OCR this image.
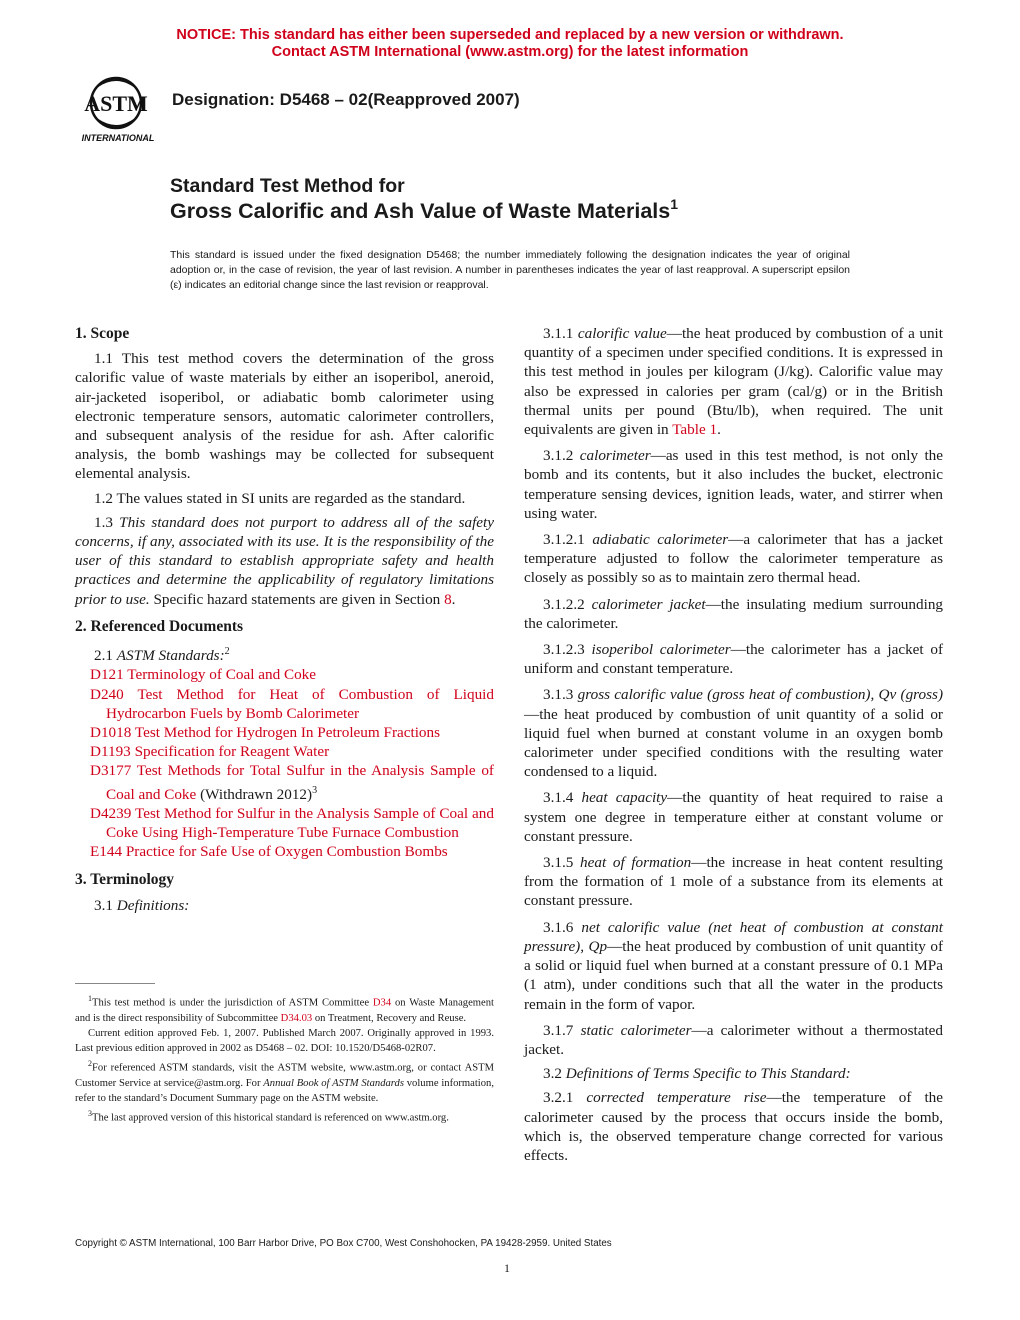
NOTICE: This standard has either been superseded and replaced by a new version or withdrawn.
Contact ASTM International (www.astm.org) for the latest information
ASTM
INTERNATIONAL
Designation: D5468 – 02(Reapproved 2007)
Standard Test Method for
Gross Calorific and Ash Value of Waste Materials$^1$
This standard is issued under the fixed designation D5468; the number immediately following the designation indicates the year of original adoption or, in the case of revision, the year of last revision. A number in parentheses indicates the year of last reapproval. A superscript epsilon (ε) indicates an editorial change since the last revision or reapproval.
1. Scope

1.1 This test method covers the determination of the gross calorific value of waste materials by either an isoperibol, aneroid, air-jacketed isoperibol, or adiabatic bomb calorimeter using electronic temperature sensors, automatic calorimeter controllers, and subsequent analysis of the residue for ash. After calorific analysis, the bomb washings may be collected for subsequent elemental analysis.

1.2 The values stated in SI units are regarded as the standard.

1.3 This standard does not purport to address all of the safety concerns, if any, associated with its use. It is the responsibility of the user of this standard to establish appropriate safety and health practices and determine the applicability of regulatory limitations prior to use. Specific hazard statements are given in Section 8.

2. Referenced Documents

2.1 ASTM Standards:$^2$

D121 Terminology of Coal and Coke
D240 Test Method for Heat of Combustion of Liquid Hydrocarbon Fuels by Bomb Calorimeter
D1018 Test Method for Hydrogen In Petroleum Fractions
D1193 Specification for Reagent Water
D3177 Test Methods for Total Sulfur in the Analysis Sample of Coal and Coke (Withdrawn 2012)$^3$
D4239 Test Method for Sulfur in the Analysis Sample of Coal and Coke Using High-Temperature Tube Furnace Combustion
E144 Practice for Safe Use of Oxygen Combustion Bombs
3. Terminology

3.1 Definitions:

$^1$This test method is under the jurisdiction of ASTM Committee D34 on Waste Management and is the direct responsibility of Subcommittee D34.03 on Treatment, Recovery and Reuse.

Current edition approved Feb. 1, 2007. Published March 2007. Originally approved in 1993. Last previous edition approved in 2002 as D5468 – 02. DOI: 10.1520/D5468-02R07.

$^2$For referenced ASTM standards, visit the ASTM website, www.astm.org, or contact ASTM Customer Service at service@astm.org. For Annual Book of ASTM Standards volume information, refer to the standard’s Document Summary page on the ASTM website.

$^3$The last approved version of this historical standard is referenced on www.astm.org.

3.1.1 calorific value—the heat produced by combustion of a unit quantity of a specimen under specified conditions. It is expressed in this test method in joules per kilogram (J/kg). Calorific value may also be expressed in calories per gram (cal/g) or in the British thermal units per pound (Btu/lb), when required. The unit equivalents are given in Table 1.

3.1.2 calorimeter—as used in this test method, is not only the bomb and its contents, but it also includes the bucket, electronic temperature sensing devices, ignition leads, water, and stirrer when using water.

3.1.2.1 adiabatic calorimeter—a calorimeter that has a jacket temperature adjusted to follow the calorimeter temperature as closely as possibly so as to maintain zero thermal head.

3.1.2.2 calorimeter jacket—the insulating medium surrounding the calorimeter.

3.1.2.3 isoperibol calorimeter—the calorimeter has a jacket of uniform and constant temperature.

3.1.3 gross calorific value (gross heat of combustion), Qv (gross)—the heat produced by combustion of unit quantity of a solid or liquid fuel when burned at constant volume in an oxygen bomb calorimeter under specified conditions with the resulting water condensed to a liquid.

3.1.4 heat capacity—the quantity of heat required to raise a system one degree in temperature either at constant volume or constant pressure.

3.1.5 heat of formation—the increase in heat content resulting from the formation of 1 mole of a substance from its elements at constant pressure.

3.1.6 net calorific value (net heat of combustion at constant pressure), Qp—the heat produced by combustion of unit quantity of a solid or liquid fuel when burned at a constant pressure of 0.1 MPa (1 atm), under conditions such that all the water in the products remain in the form of vapor.

3.1.7 static calorimeter—a calorimeter without a thermostated jacket.

3.2 Definitions of Terms Specific to This Standard:

3.2.1 corrected temperature rise—the temperature of the calorimeter caused by the process that occurs inside the bomb, which is, the observed temperature change corrected for various effects.

Copyright © ASTM International, 100 Barr Harbor Drive, PO Box C700, West Conshohocken, PA 19428-2959. United States
1
